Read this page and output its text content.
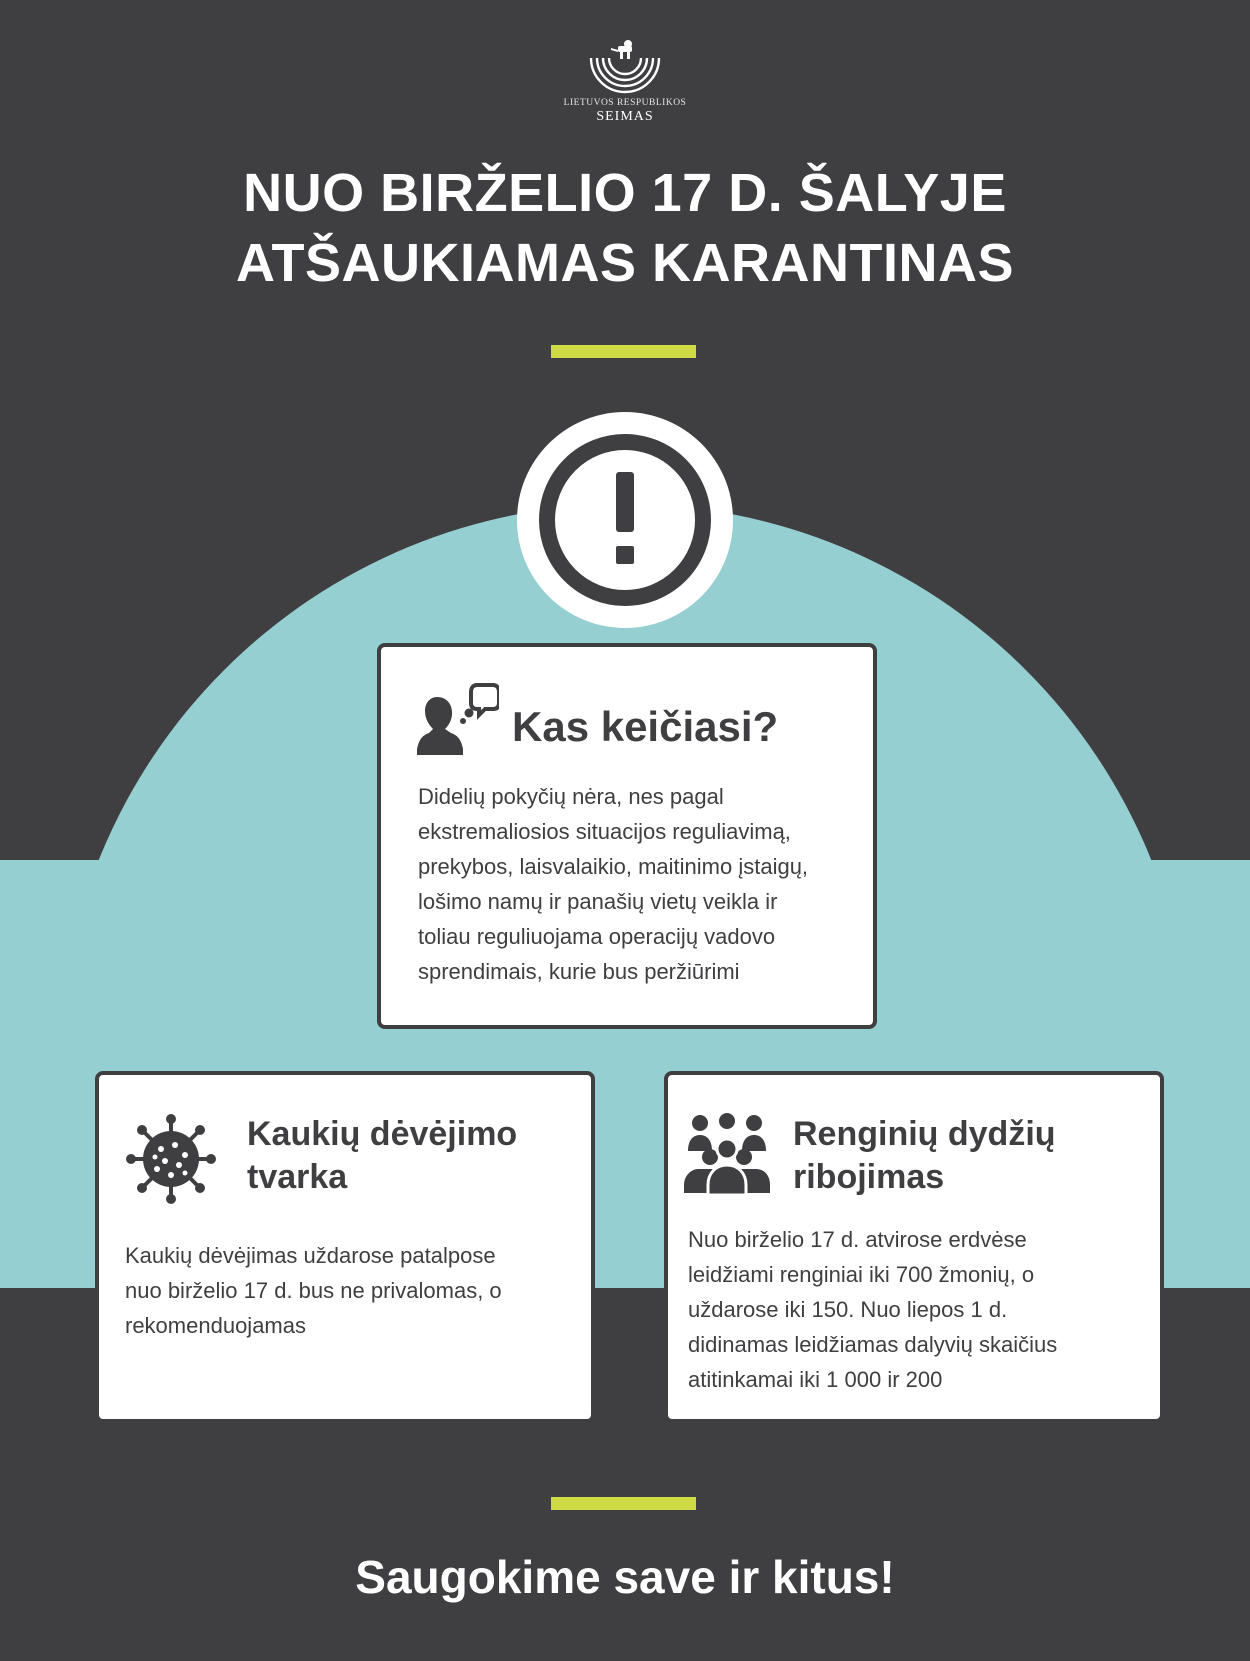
LIETUVOS RESPUBLIKOS
SEIMAS
NUO BIRŽELIO 17 D. ŠALYJE
ATŠAUKIAMAS KARANTINAS
Kas keičiasi?
Didelių pokyčių nėra, nes pagal
ekstremaliosios situacijos reguliavimą,
prekybos, laisvalaikio, maitinimo įstaigų,
lošimo namų ir panašių vietų veikla ir
toliau reguliuojama operacijų vadovo
sprendimais, kurie bus peržiūrimi
Kaukių dėvėjimo
tvarka
Kaukių dėvėjimas uždarose patalpose
nuo birželio 17 d. bus ne privalomas, o
rekomenduojamas
Renginių dydžių
ribojimas
Nuo birželio 17 d. atvirose erdvėse
leidžiami renginiai iki 700 žmonių, o
uždarose iki 150. Nuo liepos 1 d.
didinamas leidžiamas dalyvių skaičius
atitinkamai iki 1 000 ir 200
Saugokime save ir kitus!
